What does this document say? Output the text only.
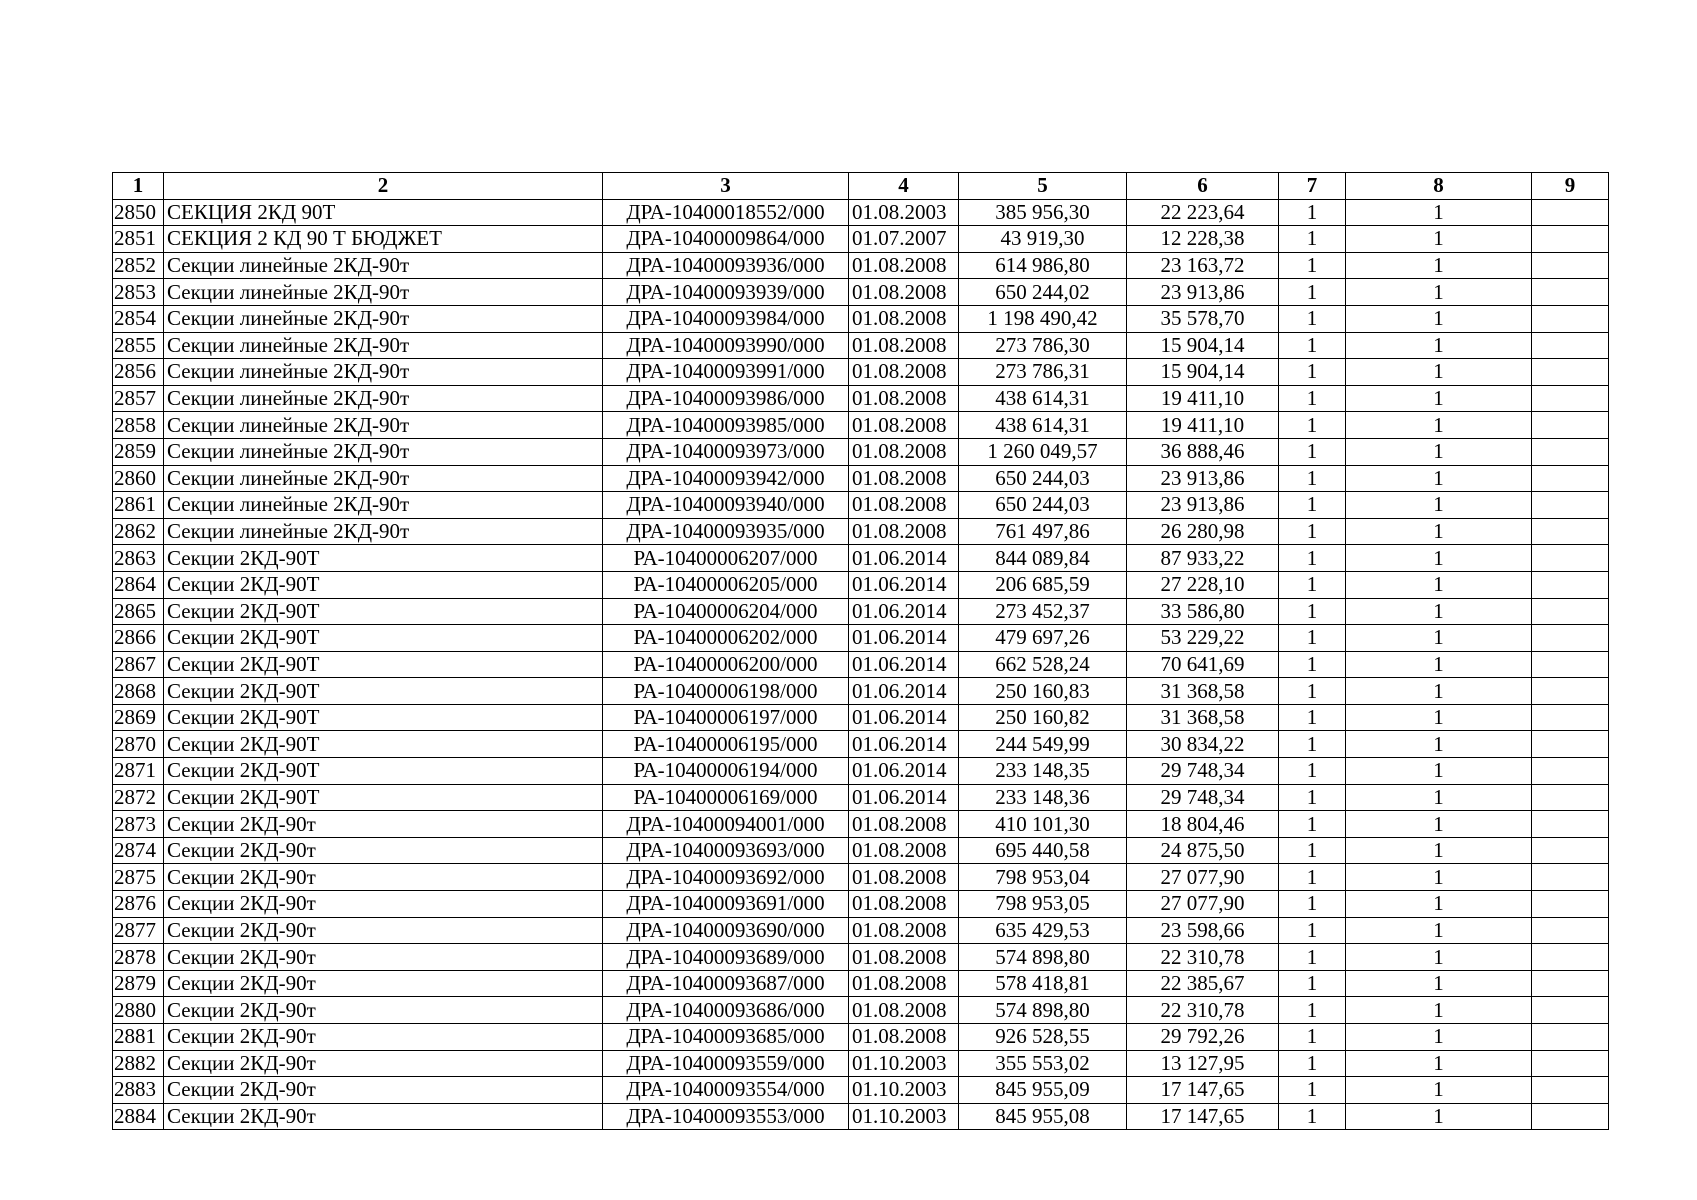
1	2	3	4	5	6	7	8	9
2850	СЕКЦИЯ 2КД 90Т	ДРА-10400018552/000	01.08.2003	385 956,30	22 223,64	1	1	
2851	СЕКЦИЯ 2 КД 90 Т БЮДЖЕТ	ДРА-10400009864/000	01.07.2007	43 919,30	12 228,38	1	1	
2852	Секции линейные 2КД-90т	ДРА-10400093936/000	01.08.2008	614 986,80	23 163,72	1	1	
2853	Секции линейные 2КД-90т	ДРА-10400093939/000	01.08.2008	650 244,02	23 913,86	1	1	
2854	Секции линейные 2КД-90т	ДРА-10400093984/000	01.08.2008	1 198 490,42	35 578,70	1	1	
2855	Секции линейные 2КД-90т	ДРА-10400093990/000	01.08.2008	273 786,30	15 904,14	1	1	
2856	Секции линейные 2КД-90т	ДРА-10400093991/000	01.08.2008	273 786,31	15 904,14	1	1	
2857	Секции линейные 2КД-90т	ДРА-10400093986/000	01.08.2008	438 614,31	19 411,10	1	1	
2858	Секции линейные 2КД-90т	ДРА-10400093985/000	01.08.2008	438 614,31	19 411,10	1	1	
2859	Секции линейные 2КД-90т	ДРА-10400093973/000	01.08.2008	1 260 049,57	36 888,46	1	1	
2860	Секции линейные 2КД-90т	ДРА-10400093942/000	01.08.2008	650 244,03	23 913,86	1	1	
2861	Секции линейные 2КД-90т	ДРА-10400093940/000	01.08.2008	650 244,03	23 913,86	1	1	
2862	Секции линейные 2КД-90т	ДРА-10400093935/000	01.08.2008	761 497,86	26 280,98	1	1	
2863	Секции 2КД-90Т	РА-10400006207/000	01.06.2014	844 089,84	87 933,22	1	1	
2864	Секции 2КД-90Т	РА-10400006205/000	01.06.2014	206 685,59	27 228,10	1	1	
2865	Секции 2КД-90Т	РА-10400006204/000	01.06.2014	273 452,37	33 586,80	1	1	
2866	Секции 2КД-90Т	РА-10400006202/000	01.06.2014	479 697,26	53 229,22	1	1	
2867	Секции 2КД-90Т	РА-10400006200/000	01.06.2014	662 528,24	70 641,69	1	1	
2868	Секции 2КД-90Т	РА-10400006198/000	01.06.2014	250 160,83	31 368,58	1	1	
2869	Секции 2КД-90Т	РА-10400006197/000	01.06.2014	250 160,82	31 368,58	1	1	
2870	Секции 2КД-90Т	РА-10400006195/000	01.06.2014	244 549,99	30 834,22	1	1	
2871	Секции 2КД-90Т	РА-10400006194/000	01.06.2014	233 148,35	29 748,34	1	1	
2872	Секции 2КД-90Т	РА-10400006169/000	01.06.2014	233 148,36	29 748,34	1	1	
2873	Секции 2КД-90т	ДРА-10400094001/000	01.08.2008	410 101,30	18 804,46	1	1	
2874	Секции 2КД-90т	ДРА-10400093693/000	01.08.2008	695 440,58	24 875,50	1	1	
2875	Секции 2КД-90т	ДРА-10400093692/000	01.08.2008	798 953,04	27 077,90	1	1	
2876	Секции 2КД-90т	ДРА-10400093691/000	01.08.2008	798 953,05	27 077,90	1	1	
2877	Секции 2КД-90т	ДРА-10400093690/000	01.08.2008	635 429,53	23 598,66	1	1	
2878	Секции 2КД-90т	ДРА-10400093689/000	01.08.2008	574 898,80	22 310,78	1	1	
2879	Секции 2КД-90т	ДРА-10400093687/000	01.08.2008	578 418,81	22 385,67	1	1	
2880	Секции 2КД-90т	ДРА-10400093686/000	01.08.2008	574 898,80	22 310,78	1	1	
2881	Секции 2КД-90т	ДРА-10400093685/000	01.08.2008	926 528,55	29 792,26	1	1	
2882	Секции 2КД-90т	ДРА-10400093559/000	01.10.2003	355 553,02	13 127,95	1	1	
2883	Секции 2КД-90т	ДРА-10400093554/000	01.10.2003	845 955,09	17 147,65	1	1	
2884	Секции 2КД-90т	ДРА-10400093553/000	01.10.2003	845 955,08	17 147,65	1	1	
